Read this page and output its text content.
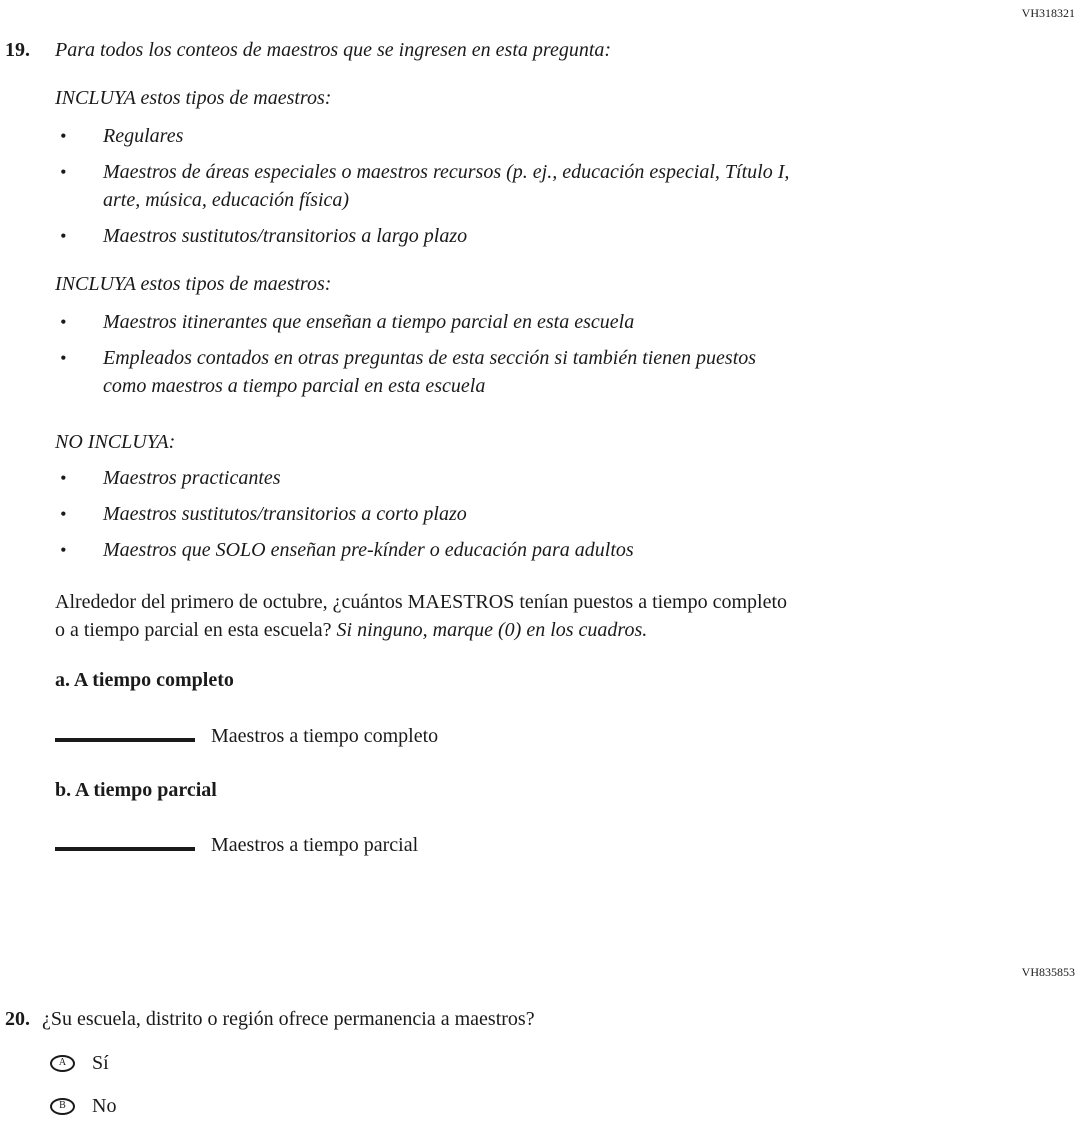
VH318321
19. Para todos los conteos de maestros que se ingresen en esta pregunta:

INCLUYA estos tipos de maestros:

•	Regulares
•	Maestros de áreas especiales o maestros recursos (p. ej., educación especial, Título I, arte, música, educación física)
•	Maestros sustitutos/transitorios a largo plazo

INCLUYA estos tipos de maestros:

•	Maestros itinerantes que enseñan a tiempo parcial en esta escuela
•	Empleados contados en otras preguntas de esta sección si también tienen puestos como maestros a tiempo parcial en esta escuela

NO INCLUYA:

•	Maestros practicantes
•	Maestros sustitutos/transitorios a corto plazo
•	Maestros que SOLO enseñan pre-kínder o educación para adultos

Alrededor del primero de octubre, ¿cuántos MAESTROS tenían puestos a tiempo completo o a tiempo parcial en esta escuela? Si ninguno, marque (0) en los cuadros.

a. A tiempo completo

Maestros a tiempo completo

b. A tiempo parcial

Maestros a tiempo parcial
VH835853
20. ¿Su escuela, distrito o región ofrece permanencia a maestros?

A	Sí
B	No
